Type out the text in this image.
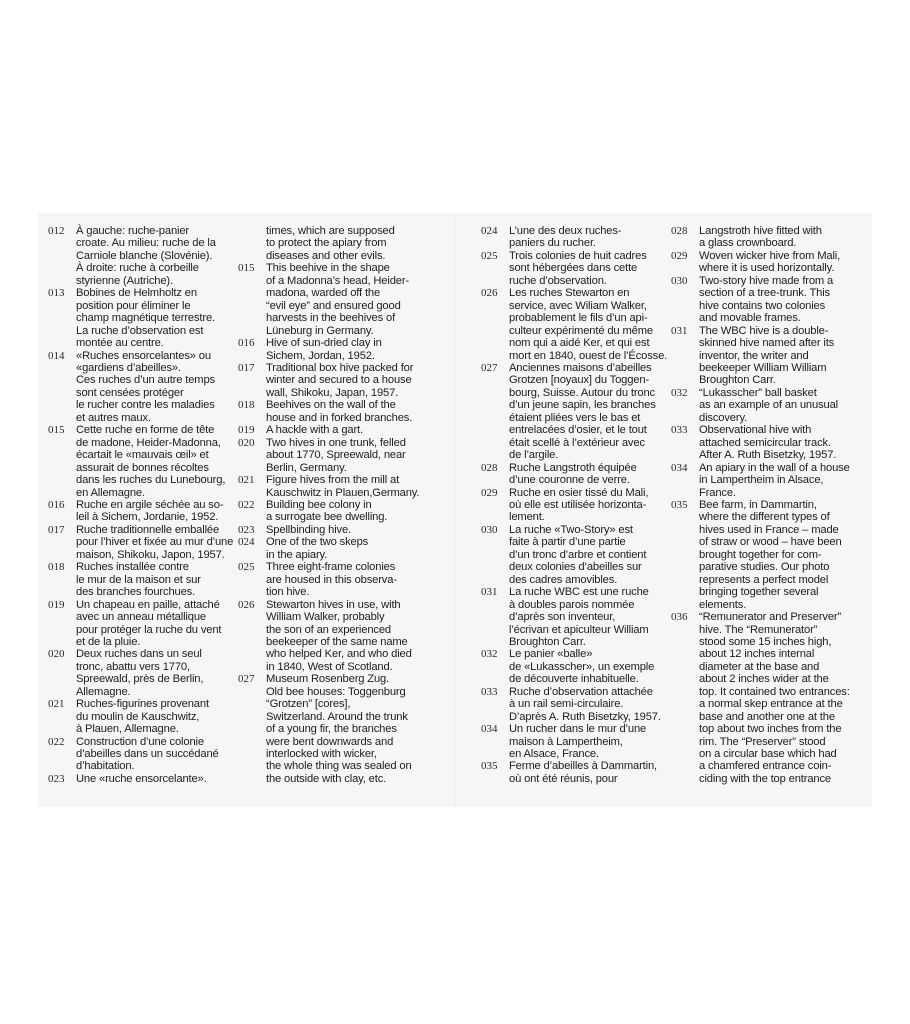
012 À gauche: ruche-panier
croate. Au milieu: ruche de la
Carniole blanche (Slovénie).
À droite: ruche à corbeille
styrienne (Autriche).
013 Bobines de Helmholtz en
position pour éliminer le
champ magnétique terrestre.
La ruche d’observation est
montée au centre.
014 «Ruches ensorcelantes» ou
«gardiens d’abeilles».
Ces ruches d’un autre temps
sont censées protéger
le rucher contre les maladies
et autres maux.
015 Cette ruche en forme de tête
de madone, Heider-Madonna,
écartait le «mauvais œil» et
assurait de bonnes récoltes
dans les ruches du Lunebourg,
en Allemagne.
016 Ruche en argile séchée au so-
leil à Sichem, Jordanie, 1952.
017 Ruche traditionnelle emballée
pour l’hiver et fixée au mur d’une
maison, Shikoku, Japon, 1957.
018 Ruches installée contre
le mur de la maison et sur
des branches fourchues.
019 Un chapeau en paille, attaché
avec un anneau métallique
pour protéger la ruche du vent
et de la pluie.
020 Deux ruches dans un seul
tronc, abattu vers 1770,
Spreewald, près de Berlin,
Allemagne.
021 Ruches-figurines provenant
du moulin de Kauschwitz,
à Plauen, Allemagne.
022 Construction d’une colonie
d’abeilles dans un succédané
d’habitation.
023 Une «ruche ensorcelante».
times, which are supposed
to protect the apiary from
diseases and other evils.
015 This beehive in the shape
of a Madonna’s head, Heider-
madona, warded off the
“evil eye” and ensured good
harvests in the beehives of
Lüneburg in Germany.
016 Hive of sun-dried clay in
Sichem, Jordan, 1952.
017 Traditional box hive packed for
winter and secured to a house
wall, Shikoku, Japan, 1957.
018 Beehives on the wall of the
house and in forked branches.
019 A hackle with a gart.
020 Two hives in one trunk, felled
about 1770, Spreewald, near
Berlin, Germany.
021 Figure hives from the mill at
Kauschwitz in Plauen,Germany.
022 Building bee colony in
a surrogate bee dwelling.
023 Spellbinding hive.
024 One of the two skeps
in the apiary.
025 Three eight-frame colonies
are housed in this observa-
tion hive.
026 Stewarton hives in use, with
William Walker, probably
the son of an experienced
beekeeper of the same name
who helped Ker, and who died
in 1840, West of Scotland.
027 Museum Rosenberg Zug.
Old bee houses: Toggenburg
“Grotzen” [cores],
Switzerland. Around the trunk
of a young fir, the branches
were bent downwards and
interlocked with wicker,
the whole thing was sealed on
the outside with clay, etc.
024 L’une des deux ruches-
paniers du rucher.
025 Trois colonies de huit cadres
sont hébergées dans cette
ruche d’observation.
026 Les ruches Stewarton en
service, avec Wiliam Walker,
probablement le fils d’un api-
culteur expérimenté du même
nom qui a aidé Ker, et qui est
mort en 1840, ouest de l’Écosse.
027 Anciennes maisons d’abeilles
Grotzen [noyaux] du Toggen-
bourg, Suisse. Autour du tronc
d’un jeune sapin, les branches
étaient pliées vers le bas et
entrelacées d’osier, et le tout
était scellé à l’extérieur avec
de l’argile.
028 Ruche Langstroth équipée
d’une couronne de verre.
029 Ruche en osier tissé du Mali,
où elle est utilisée horizonta-
lement.
030 La ruche «Two-Story» est
faite à partir d’une partie
d’un tronc d’arbre et contient
deux colonies d’abeilles sur
des cadres amovibles.
031 La ruche WBC est une ruche
à doubles parois nommée
d’après son inventeur,
l’écrivan et apiculteur William
Broughton Carr.
032 Le panier «balle»
de «Lukasscher», un exemple
de découverte inhabituelle.
033 Ruche d’observation attachée
à un rail semi-circulaire.
D’après A. Ruth Bisetzky, 1957.
034 Un rucher dans le mur d’une
maison à Lampertheim,
en Alsace, France.
035 Ferme d’abeilles à Dammartin,
où ont été réunis, pour
028 Langstroth hive fitted with
a glass crownboard.
029 Woven wicker hive from Mali,
where it is used horizontally.
030 Two-story hive made from a
section of a tree-trunk. This
hive contains two colonies
and movable frames.
031 The WBC hive is a double-
skinned hive named after its
inventor, the writer and
beekeeper William William
Broughton Carr.
032 “Lukasscher” ball basket
as an example of an unusual
discovery.
033 Observational hive with
attached semicircular track.
After A. Ruth Bisetzky, 1957.
034 An apiary in the wall of a house
in Lampertheim in Alsace,
France.
035 Bee farm, in Dammartin,
where the different types of
hives used in France – made
of straw or wood – have been
brought together for com-
parative studies. Our photo
represents a perfect model
bringing together several
elements.
036 “Remunerator and Preserver”
hive. The “Remunerator”
stood some 15 inches high,
about 12 inches internal
diameter at the base and
about 2 inches wider at the
top. It contained two entrances:
a normal skep entrance at the
base and another one at the
top about two inches from the
rim. The “Preserver” stood
on a circular base which had
a chamfered entrance coin-
ciding with the top entrance
